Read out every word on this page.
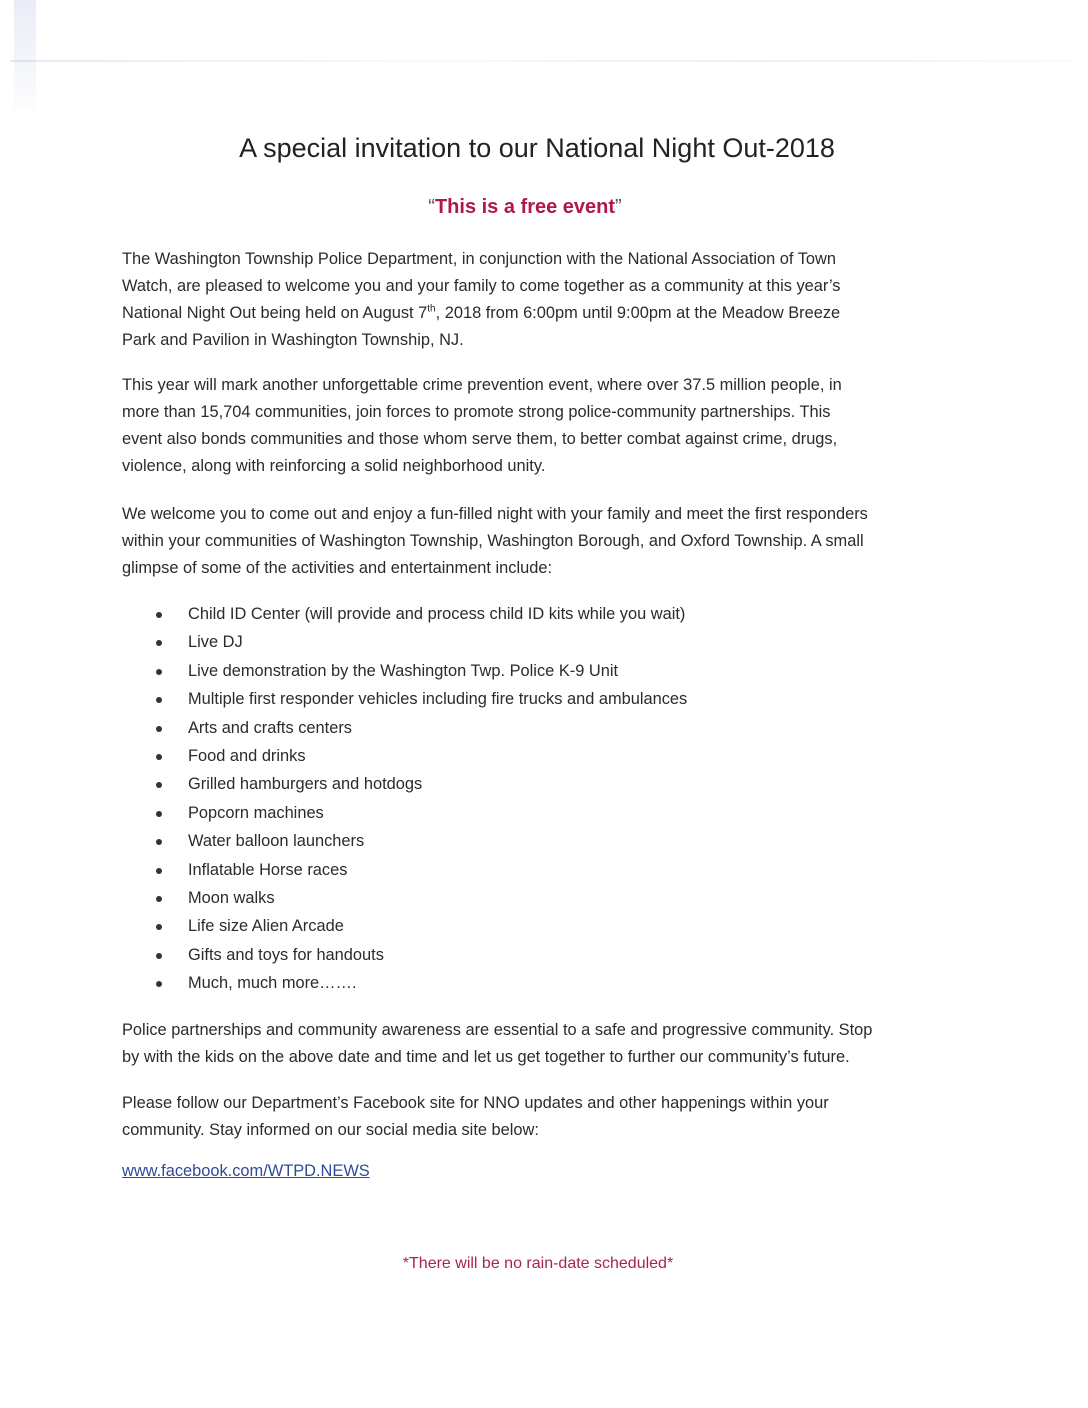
A special invitation to our National Night Out-2018
“This is a free event”

The Washington Township Police Department, in conjunction with the National Association of Town
Watch, are pleased to welcome you and your family to come together as a community at this year’s
National Night Out being held on August 7th, 2018 from 6:00pm until 9:00pm at the Meadow Breeze
Park and Pavilion in Washington Township, NJ.

This year will mark another unforgettable crime prevention event, where over 37.5 million people, in
more than 15,704 communities, join forces to promote strong police-community partnerships. This
event also bonds communities and those whom serve them, to better combat against crime, drugs,
violence, along with reinforcing a solid neighborhood unity.

We welcome you to come out and enjoy a fun-filled night with your family and meet the first responders
within your communities of Washington Township, Washington Borough, and Oxford Township. A small
glimpse of some of the activities and entertainment include:

Child ID Center (will provide and process child ID kits while you wait)
Live DJ
Live demonstration by the Washington Twp. Police K-9 Unit
Multiple first responder vehicles including fire trucks and ambulances
Arts and crafts centers
Food and drinks
Grilled hamburgers and hotdogs
Popcorn machines
Water balloon launchers
Inflatable Horse races
Moon walks
Life size Alien Arcade
Gifts and toys for handouts
Much, much more…….

Police partnerships and community awareness are essential to a safe and progressive community. Stop
by with the kids on the above date and time and let us get together to further our community’s future.

Please follow our Department’s Facebook site for NNO updates and other happenings within your
community. Stay informed on our social media site below:

www.facebook.com/WTPD.NEWS
*There will be no rain-date scheduled*
